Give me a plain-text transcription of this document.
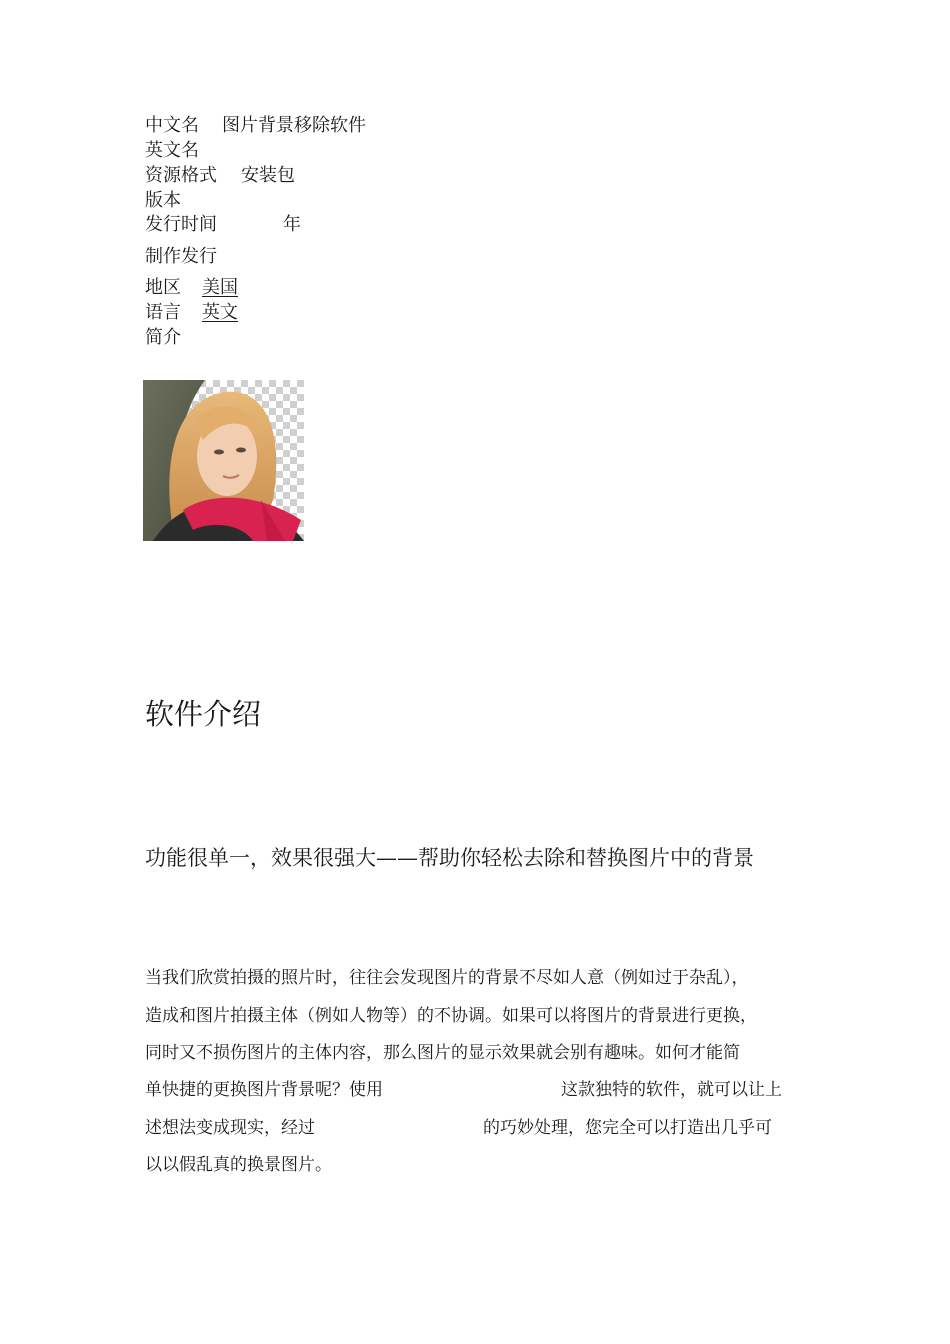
中文名 图片背景移除软件
英文名
资源格式 安装包
版本
发行时间	年
制作发行
地区 美国
语言 英文
简介
软件介绍
功能很单一，效果很强大——帮助你轻松去除和替换图片中的背景
当我们欣赏拍摄的照片时，往往会发现图片的背景不尽如人意（例如过于杂乱），
造成和图片拍摄主体（例如人物等）的不协调。如果可以将图片的背景进行更换，
同时又不损伤图片的主体内容，那么图片的显示效果就会别有趣味。如何才能简
单快捷的更换图片背景呢？使用	这款独特的软件，就可以让上
述想法变成现实，经过	的巧妙处理，您完全可以打造出几乎可
以以假乱真的换景图片。
